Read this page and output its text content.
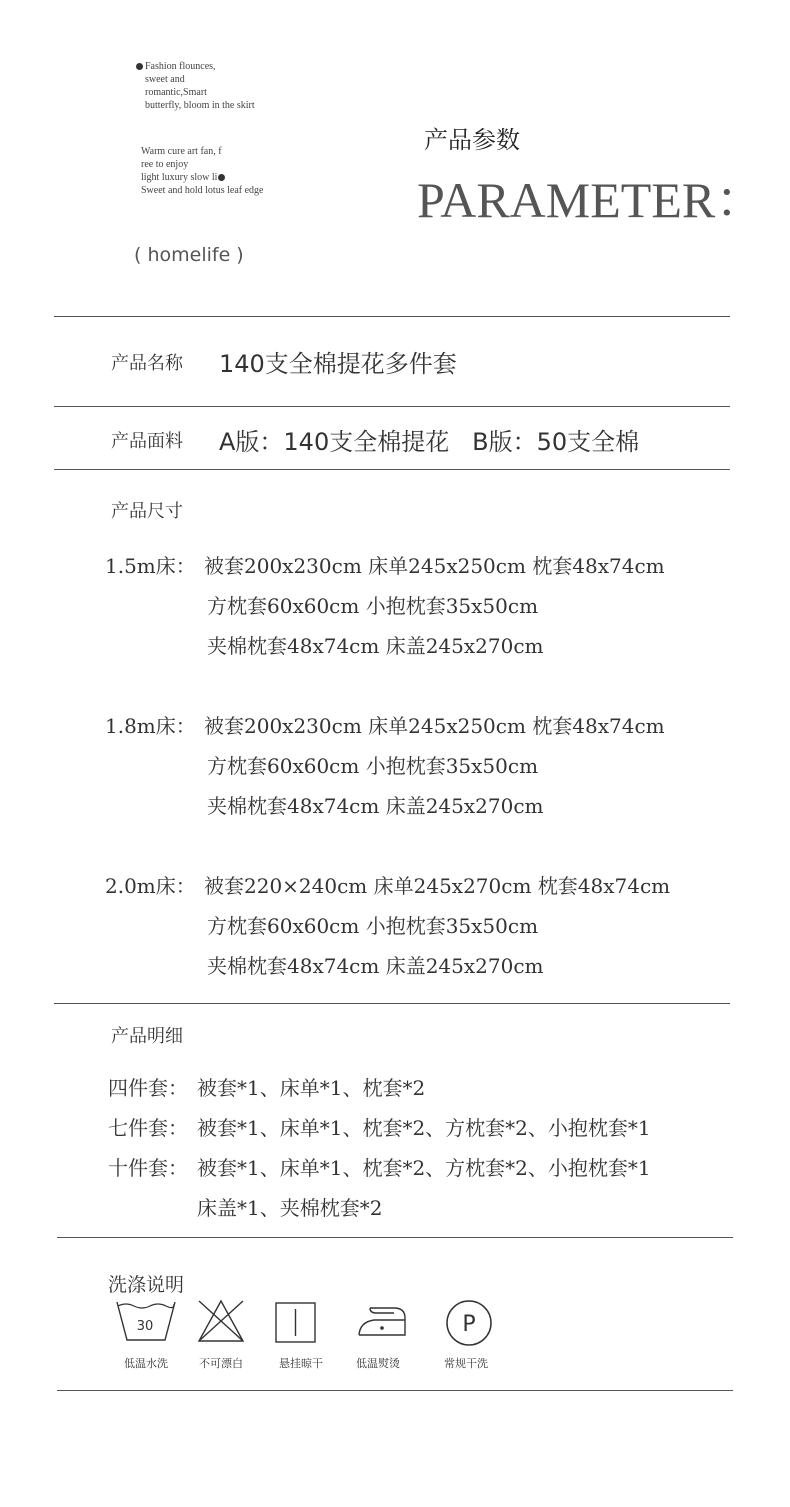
Fashion flounces,
sweet and
romantic,Smart
butterfly, bloom in the skirt
Warm cure art fan, f
ree to enjoy
light luxury slow li
Sweet and hold lotus leaf edge
( homelife )
产品参数
PARAMETER：
产品名称 140支全棉提花多件套
产品面料 A版：140支全棉提花   B版：50支全棉
产品尺寸
1.5m床： 被套200x230cm 床单245x250cm 枕套48x74cm
方枕套60x60cm 小抱枕套35x50cm
夹棉枕套48x74cm 床盖245x270cm
1.8m床： 被套200x230cm 床单245x250cm 枕套48x74cm
方枕套60x60cm 小抱枕套35x50cm
夹棉枕套48x74cm 床盖245x270cm
2.0m床： 被套220×240cm 床单245x270cm 枕套48x74cm
方枕套60x60cm 小抱枕套35x50cm
夹棉枕套48x74cm 床盖245x270cm
产品明细
四件套： 被套*1、床单*1、枕套*2
七件套： 被套*1、床单*1、枕套*2、方枕套*2、小抱枕套*1
十件套： 被套*1、床单*1、枕套*2、方枕套*2、小抱枕套*1
床盖*1、夹棉枕套*2
洗涤说明
30
低温水洗	不可漂白	悬挂晾干	低温熨烫
P
常规干洗
